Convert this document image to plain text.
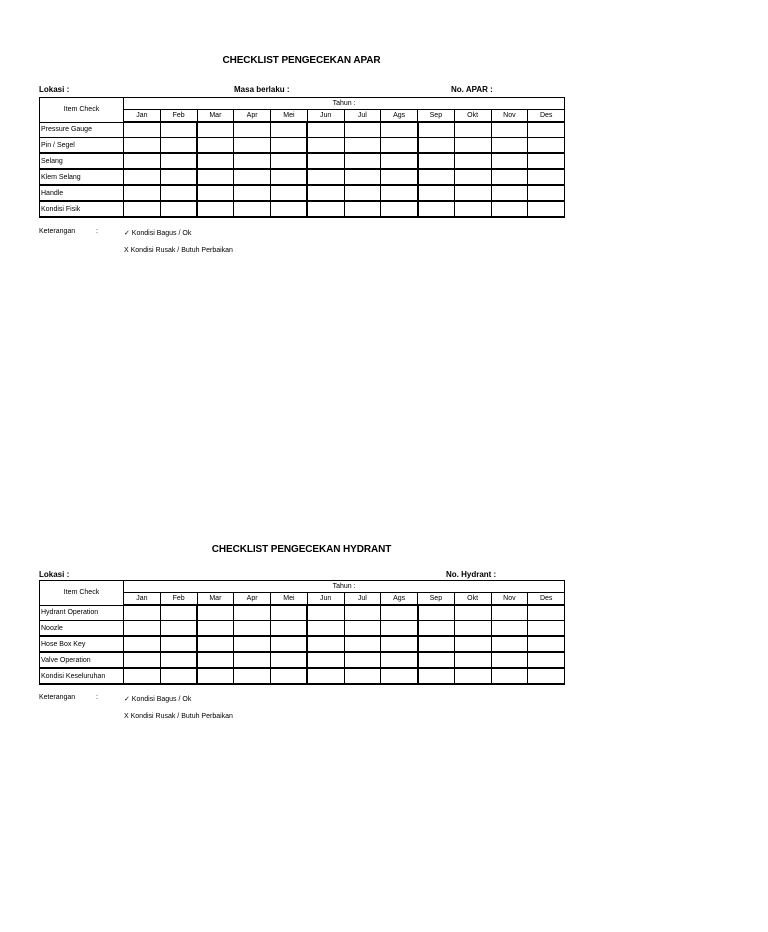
CHECKLIST PENGECEKAN APAR
Lokasi :	Masa berlaku :	No. APAR :
Item Check	Tahun :											
	Jan	Feb	Mar	Apr	Mei	Jun	Jul	Ags	Sep	Okt	Nov	Des
Pressure Gauge												
Pin / Segel												
Selang												
Klem Selang												
Handle												
Kondisi Fisik												
Keterangan	:	✓ Kondisi Bagus / Ok
X Kondisi Rusak / Butuh Perbaikan
CHECKLIST PENGECEKAN HYDRANT
Lokasi :	No. Hydrant :
Item Check	Tahun :											
	Jan	Feb	Mar	Apr	Mei	Jun	Jul	Ags	Sep	Okt	Nov	Des
Hydrant Operation												
Noozle												
Hose Box Key												
Valve Operation												
Kondisi Keseluruhan												
Keterangan	:	✓ Kondisi Bagus / Ok
X Kondisi Rusak / Butuh Perbaikan
